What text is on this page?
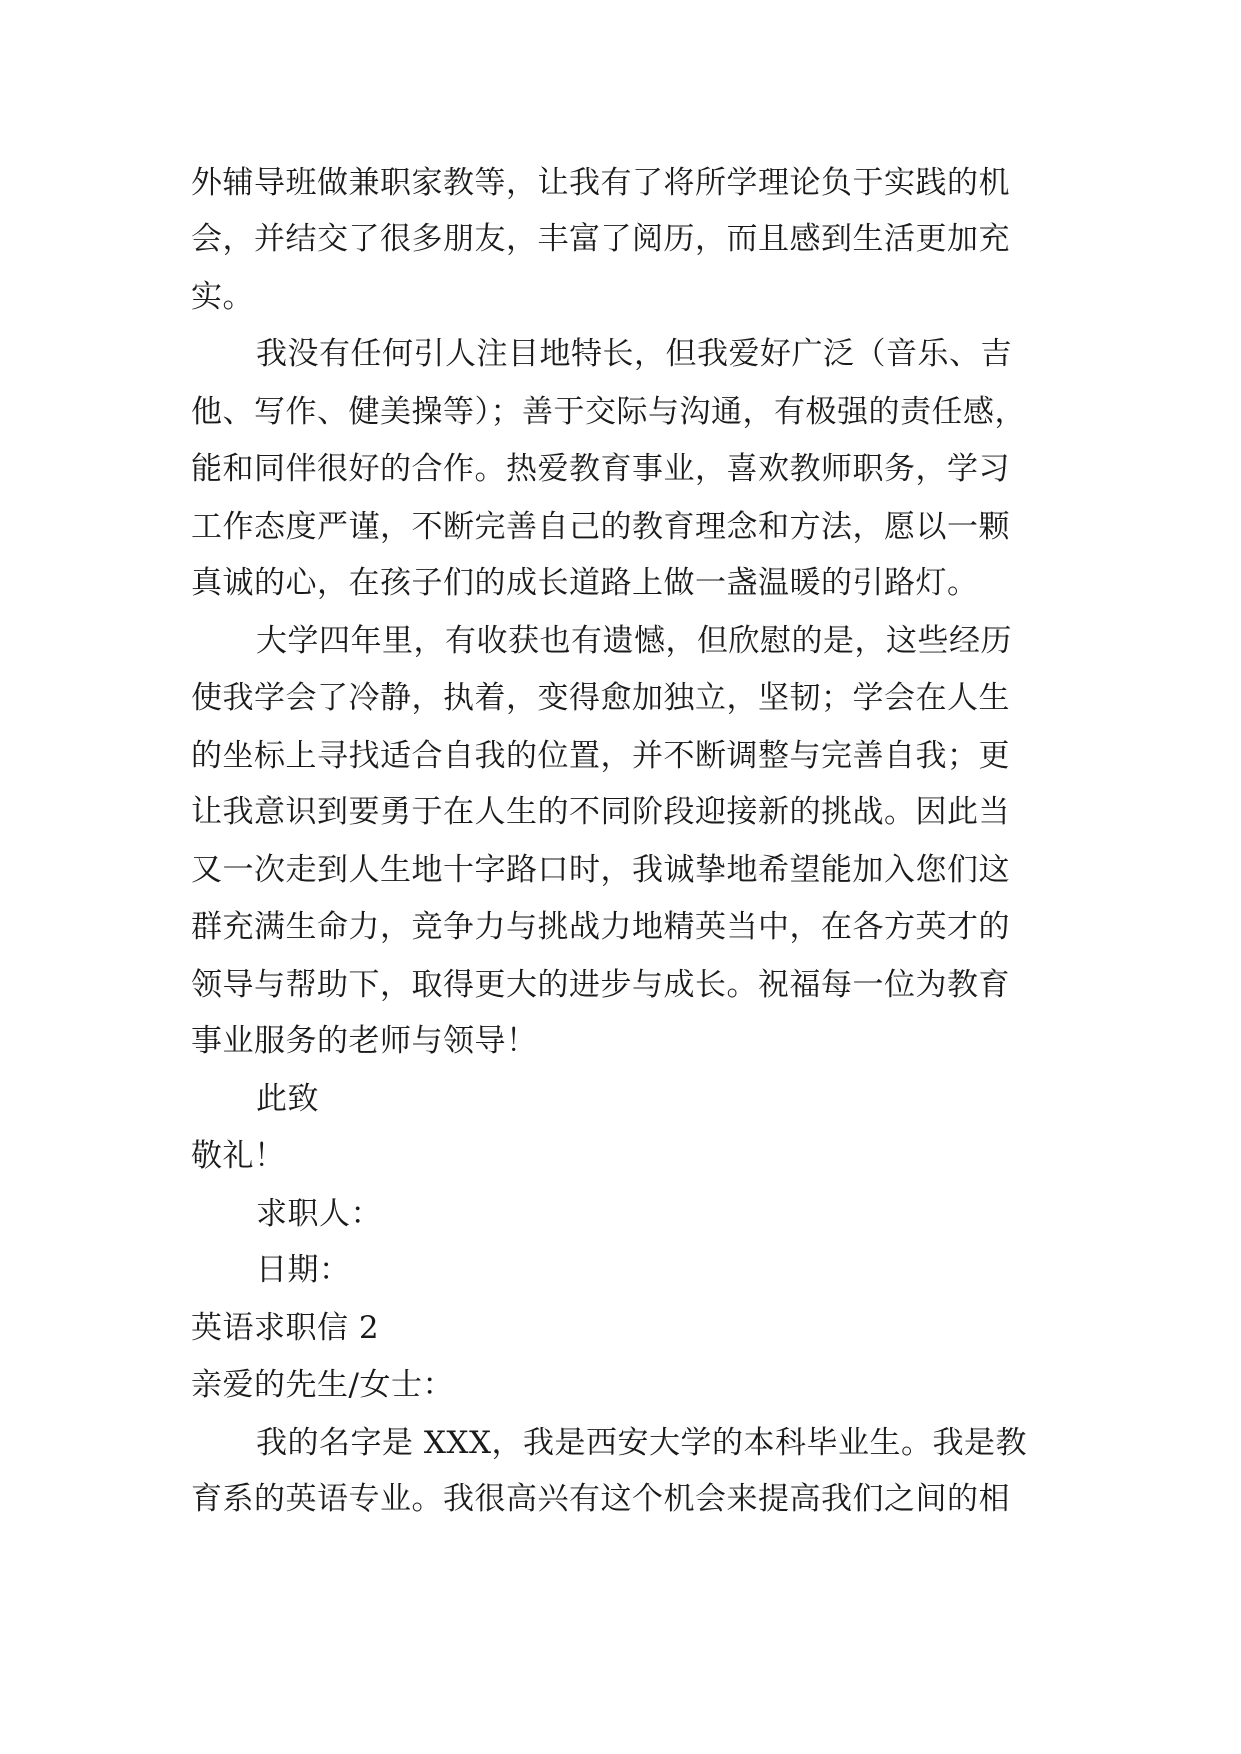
外辅导班做兼职家教等，让我有了将所学理论负于实践的机
会，并结交了很多朋友，丰富了阅历，而且感到生活更加充
实。
我没有任何引人注目地特长，但我爱好广泛（音乐、吉
他、写作、健美操等）；善于交际与沟通，有极强的责任感，
能和同伴很好的合作。热爱教育事业，喜欢教师职务，学习
工作态度严谨，不断完善自己的教育理念和方法，愿以一颗
真诚的心，在孩子们的成长道路上做一盏温暖的引路灯。
大学四年里，有收获也有遗憾，但欣慰的是，这些经历
使我学会了冷静，执着，变得愈加独立，坚韧；学会在人生
的坐标上寻找适合自我的位置，并不断调整与完善自我；更
让我意识到要勇于在人生的不同阶段迎接新的挑战。因此当
又一次走到人生地十字路口时，我诚挚地希望能加入您们这
群充满生命力，竞争力与挑战力地精英当中，在各方英才的
领导与帮助下，取得更大的进步与成长。祝福每一位为教育
事业服务的老师与领导！
此致
敬礼！
求职人：
日期：
英语求职信 2
亲爱的先生/女士：
我的名字是 XXX，我是西安大学的本科毕业生。我是教
育系的英语专业。我很高兴有这个机会来提高我们之间的相
